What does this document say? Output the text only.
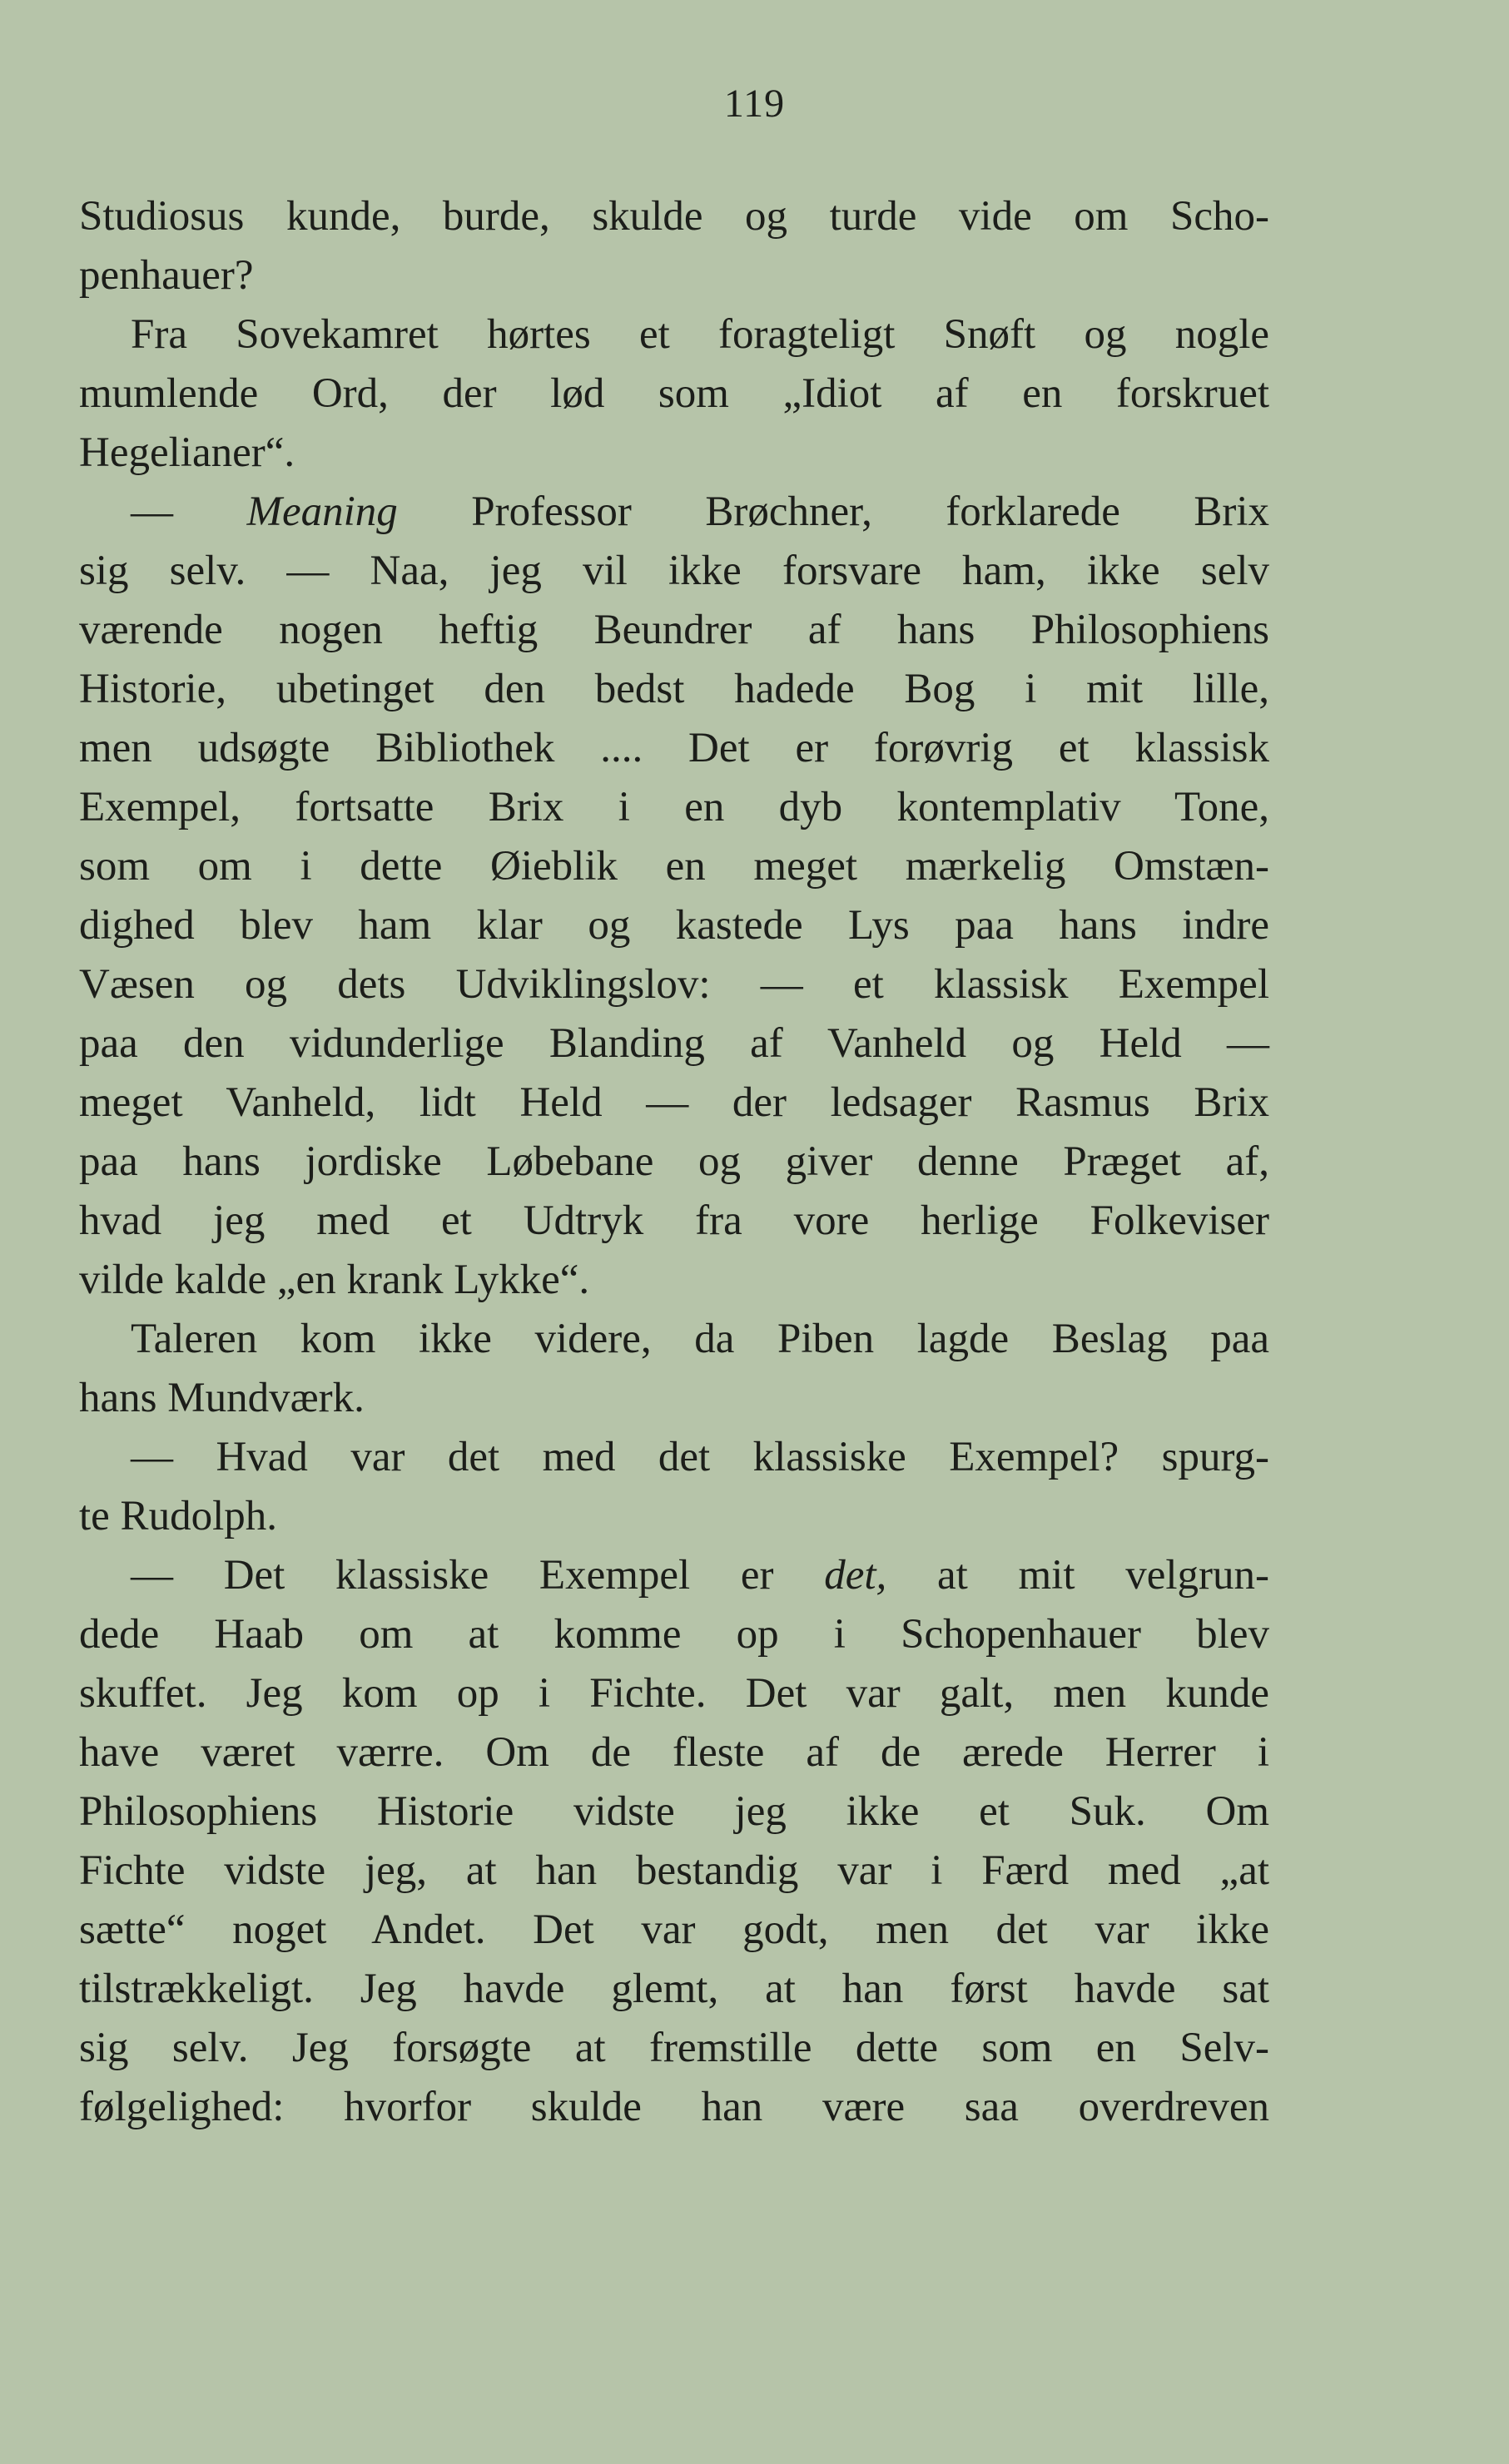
119
Studiosus kunde, burde, skulde og turde vide om Scho-
penhauer?
Fra Sovekamret hørtes et foragteligt Snøft og nogle
mumlende Ord, der lød som „Idiot af en forskruet
Hegelianer“.
— Meaning Professor Brøchner, forklarede Brix
sig selv. — Naa, jeg vil ikke forsvare ham, ikke selv
værende nogen heftig Beundrer af hans Philosophiens
Historie, ubetinget den bedst hadede Bog i mit lille,
men udsøgte Bibliothek .... Det er forøvrig et klassisk
Exempel, fortsatte Brix i en dyb kontemplativ Tone,
som om i dette Øieblik en meget mærkelig Omstæn-
dighed blev ham klar og kastede Lys paa hans indre
Væsen og dets Udviklingslov: — et klassisk Exempel
paa den vidunderlige Blanding af Vanheld og Held —
meget Vanheld, lidt Held — der ledsager Rasmus Brix
paa hans jordiske Løbebane og giver denne Præget af,
hvad jeg med et Udtryk fra vore herlige Folkeviser
vilde kalde „en krank Lykke“.
Taleren kom ikke videre, da Piben lagde Beslag paa
hans Mundværk.
— Hvad var det med det klassiske Exempel? spurg-
te Rudolph.
— Det klassiske Exempel er det, at mit velgrun-
dede Haab om at komme op i Schopenhauer blev
skuffet. Jeg kom op i Fichte. Det var galt, men kunde
have været værre. Om de fleste af de ærede Herrer i
Philosophiens Historie vidste jeg ikke et Suk. Om
Fichte vidste jeg, at han bestandig var i Færd med „at
sætte“ noget Andet. Det var godt, men det var ikke
tilstrækkeligt. Jeg havde glemt, at han først havde sat
sig selv. Jeg forsøgte at fremstille dette som en Selv-
følgelighed: hvorfor skulde han være saa overdreven
